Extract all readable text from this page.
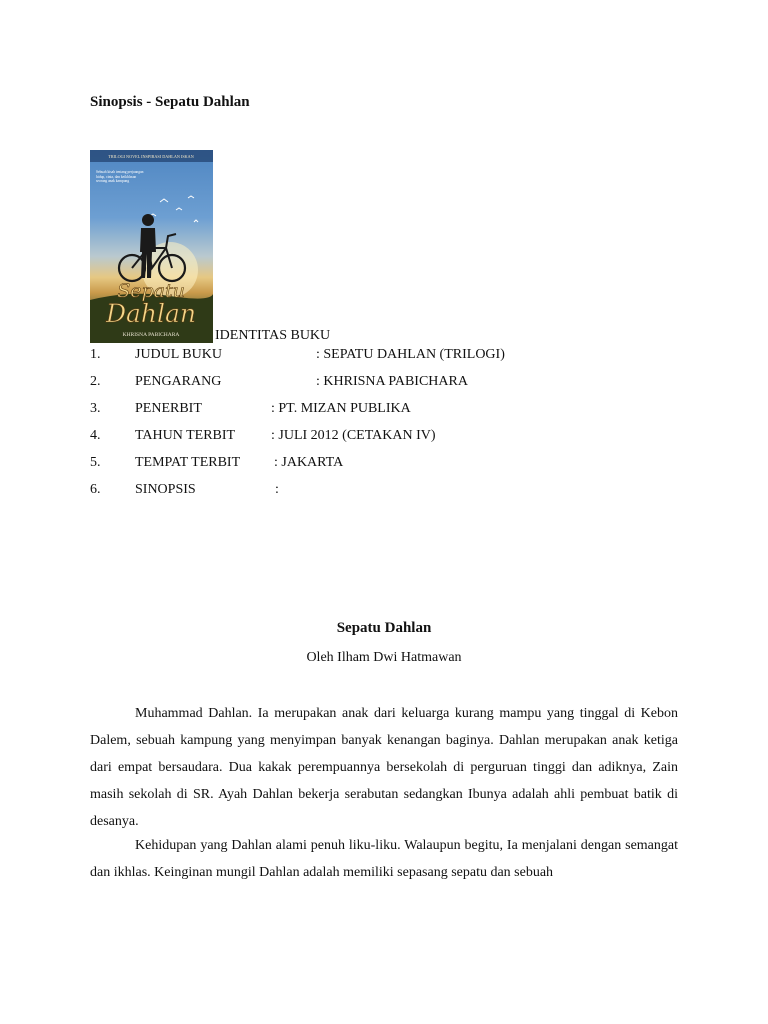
Sinopsis - Sepatu Dahlan
TRILOGI NOVEL INSPIRASI DAHLAN ISKAN
Sebuah kisah tentang perjuangan hidup, cinta, dan keikhlasan seorang anak kampung
Sepatu
Dahlan
KHRISNA PABICHARA	IDENTITAS BUKU
1. JUDUL BUKU	: SEPATU DAHLAN (TRILOGI)
2. PENGARANG	: KHRISNA PABICHARA
3. PENERBIT	: PT. MIZAN PUBLIKA
4. TAHUN TERBIT	: JULI 2012 (CETAKAN IV)
5. TEMPAT TERBIT : JAKARTA
6. SINOPSIS	:
Sepatu Dahlan

Oleh Ilham Dwi Hatmawan

Muhammad Dahlan. Ia merupakan anak dari keluarga kurang mampu yang tinggal di Kebon Dalem, sebuah kampung yang menyimpan banyak kenangan baginya. Dahlan merupakan anak ketiga dari empat bersaudara. Dua kakak perempuannya bersekolah di perguruan tinggi dan adiknya, Zain masih sekolah di SR. Ayah Dahlan bekerja serabutan sedangkan Ibunya adalah ahli pembuat batik di desanya.

Kehidupan yang Dahlan alami penuh liku-liku. Walaupun begitu, Ia menjalani dengan semangat dan ikhlas. Keinginan mungil Dahlan adalah memiliki sepasang sepatu dan sebuah
